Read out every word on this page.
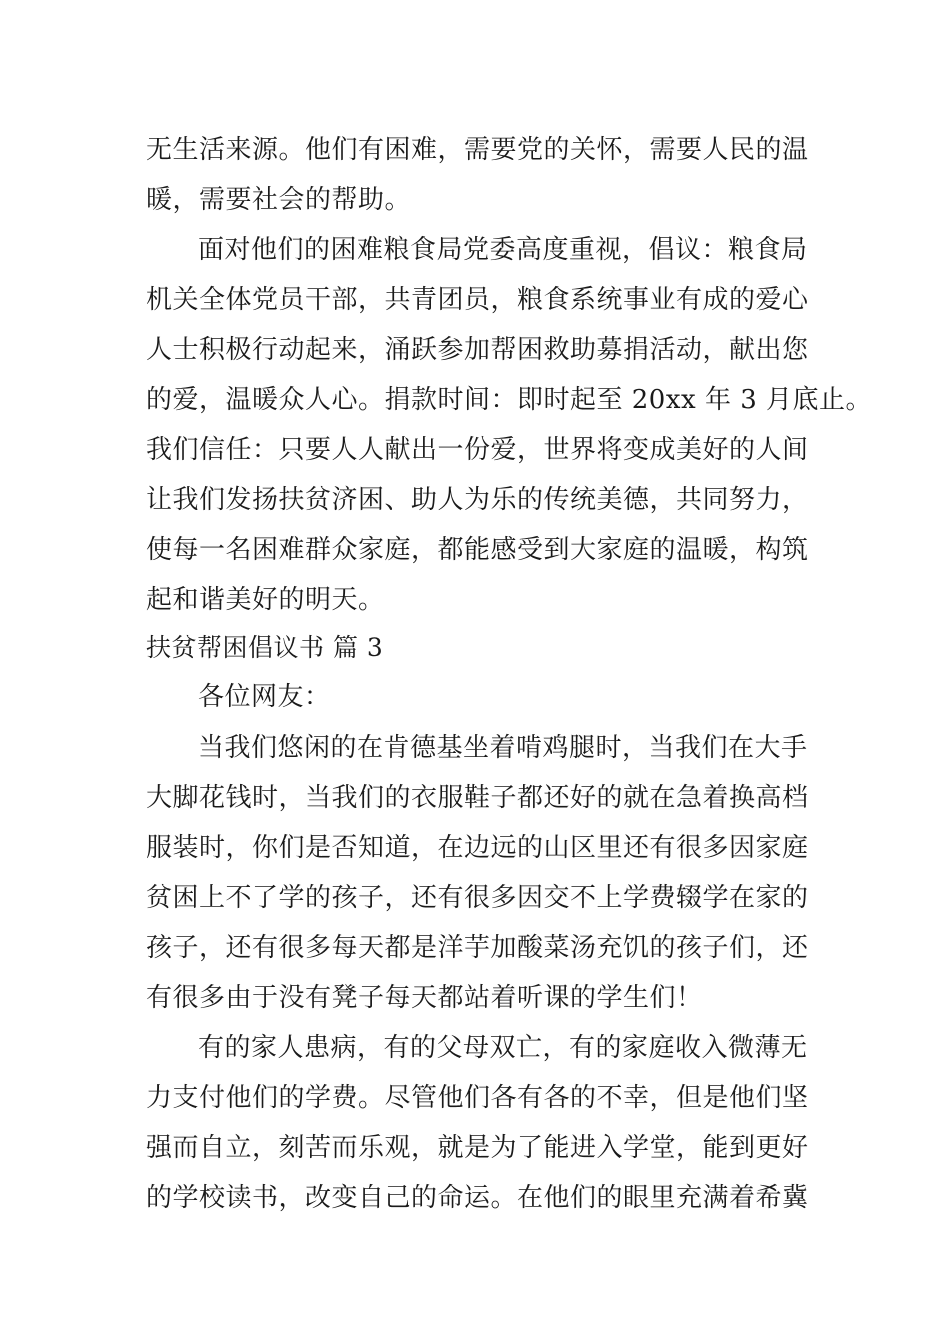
无生活来源。他们有困难，需要党的关怀，需要人民的温
暖，需要社会的帮助。
面对他们的困难粮食局党委高度重视，倡议：粮食局
机关全体党员干部，共青团员，粮食系统事业有成的爱心
人士积极行动起来，涌跃参加帮困救助募捐活动，献出您
的爱，温暖众人心。捐款时间：即时起至 20xx 年 3 月底止。
我们信任：只要人人献出一份爱，世界将变成美好的人间
让我们发扬扶贫济困、助人为乐的传统美德，共同努力，
使每一名困难群众家庭，都能感受到大家庭的温暖，构筑
起和谐美好的明天。
扶贫帮困倡议书 篇 3
各位网友：
当我们悠闲的在肯德基坐着啃鸡腿时，当我们在大手
大脚花钱时，当我们的衣服鞋子都还好的就在急着换高档
服装时，你们是否知道，在边远的山区里还有很多因家庭
贫困上不了学的孩子，还有很多因交不上学费辍学在家的
孩子，还有很多每天都是洋芋加酸菜汤充饥的孩子们，还
有很多由于没有凳子每天都站着听课的学生们！
有的家人患病，有的父母双亡，有的家庭收入微薄无
力支付他们的学费。尽管他们各有各的不幸，但是他们坚
强而自立，刻苦而乐观，就是为了能进入学堂，能到更好
的学校读书，改变自己的命运。在他们的眼里充满着希冀
